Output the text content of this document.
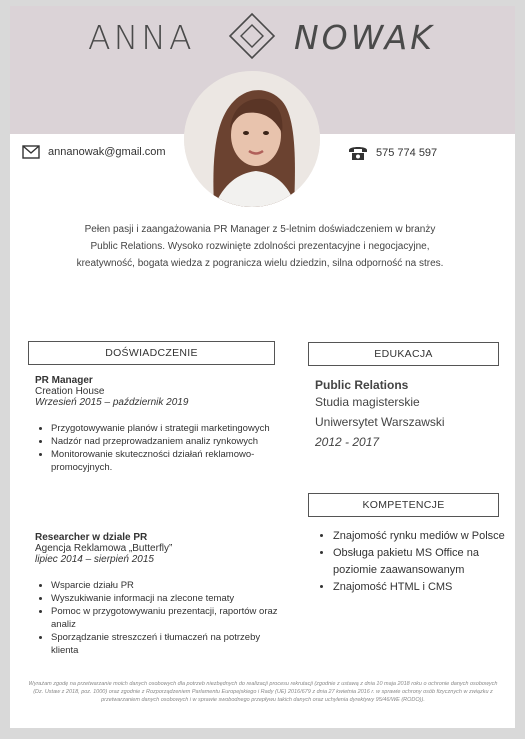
ANNA	NOWAK
annanowak@gmail.com	575 774 597
Pełen pasji i zaangażowania PR Manager z 5-letnim doświadczeniem w branży Public Relations. Wysoko rozwinięte zdolności prezentacyjne i negocjacyjne, kreatywność, bogata wiedza z pogranicza wielu dziedzin, silna odporność na stres.
DOŚWIADCZENIE	EDUKACJA
PR Manager
Creation House
Wrzesień 2015 – październik 2019
• Przygotowywanie planów i strategii marketingowych
• Nadzór nad przeprowadzaniem analiz rynkowych
• Monitorowanie skuteczności działań reklamowo-promocyjnych.
Researcher w dziale PR
Agencja Reklamowa „Butterfly”
lipiec 2014 – sierpień 2015
• Wsparcie działu PR
• Wyszukiwanie informacji na zlecone tematy
• Pomoc w przygotowywaniu prezentacji, raportów oraz analiz
• Sporządzanie streszczeń i tłumaczeń na potrzeby klienta
Public Relations
Studia magisterskie
Uniwersytet Warszawski
2012 - 2017
KOMPETENCJE
• Znajomość rynku mediów w Polsce
• Obsługa pakietu MS Office na poziomie zaawansowanym
• Znajomość HTML i CMS
Wyrażam zgodę na przetwarzanie moich danych osobowych dla potrzeb niezbędnych do realizacji procesu rekrutacji (zgodnie z ustawą z dnia 10 maja 2018 roku o ochronie danych osobowych (Dz. Ustaw z 2018, poz. 1000) oraz zgodnie z Rozporządzeniem Parlamentu Europejskiego i Rady (UE) 2016/679 z dnia 27 kwietnia 2016 r. w sprawie ochrony osób fizycznych w związku z przetwarzaniem danych osobowych i w sprawie swobodnego przepływu takich danych oraz uchylenia dyrektywy 95/46/WE (RODO)).
